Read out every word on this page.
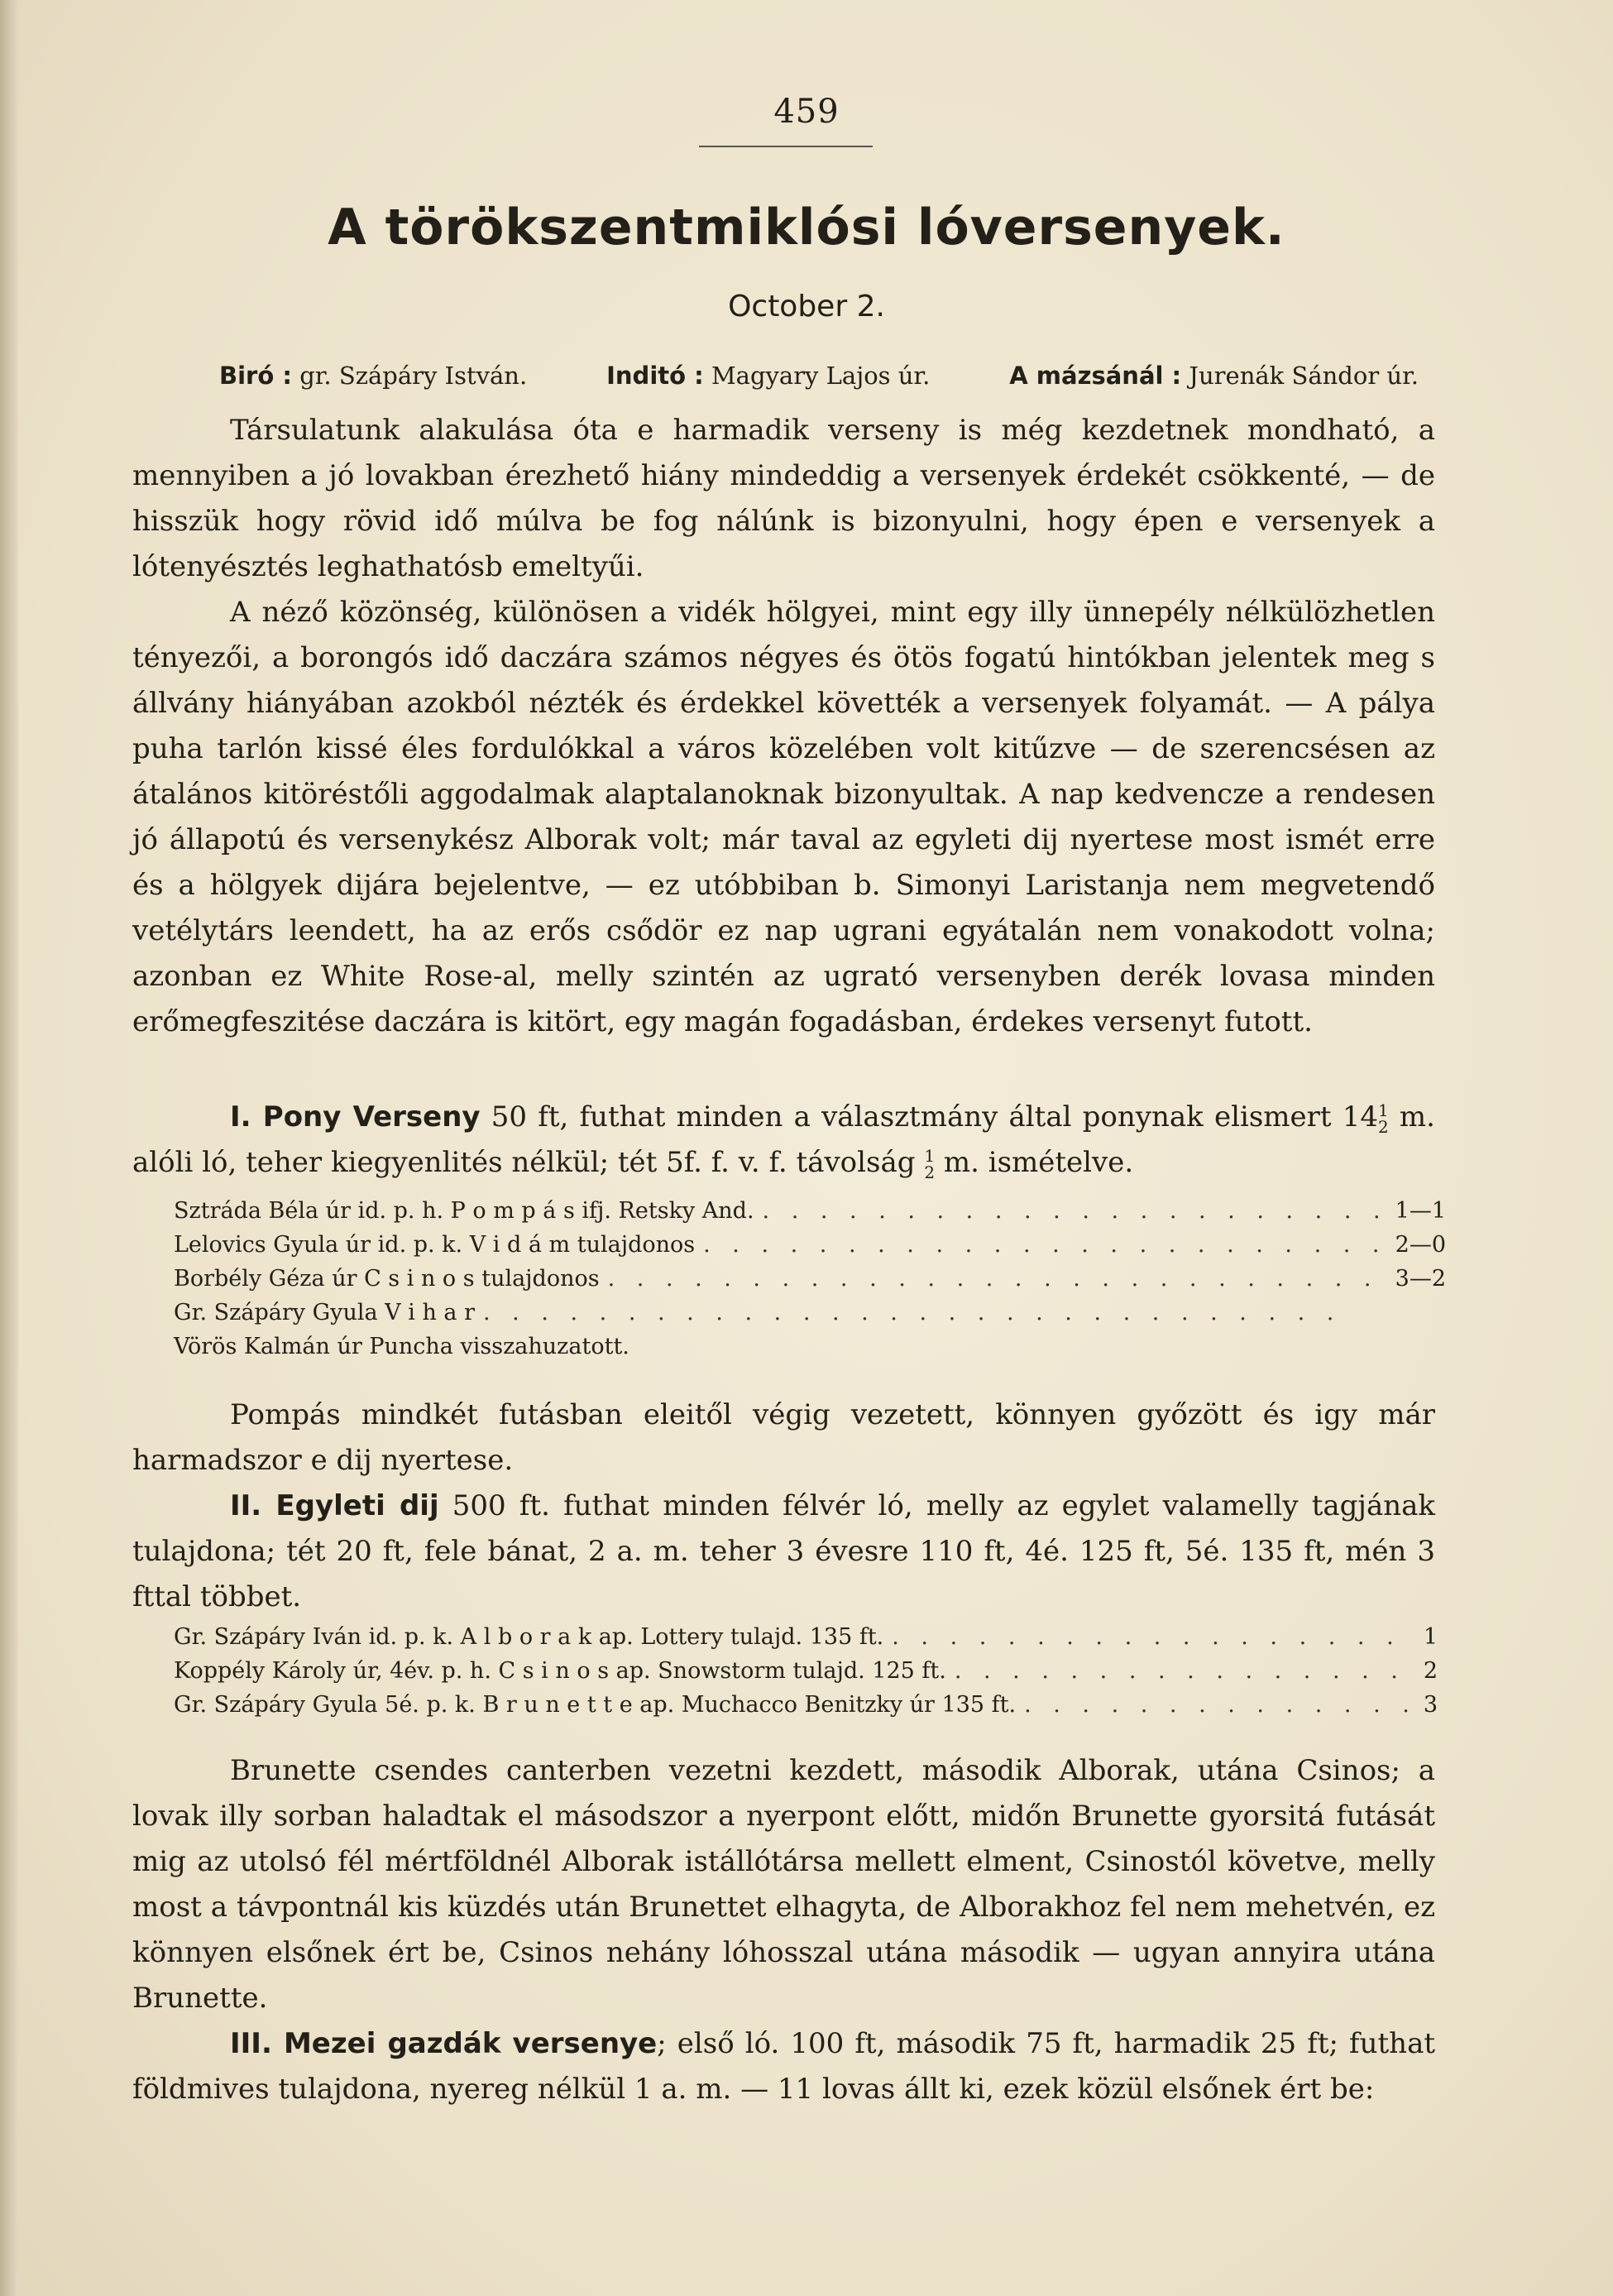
459
A törökszentmiklósi lóversenyek.
October 2.
Biró : gr. Szápáry István.	Inditó : Magyary Lajos úr.	A mázsánál : Jurenák Sándor úr.
Társulatunk alakulása óta e harmadik verseny is még kezdetnek mondható, a mennyiben a jó lovakban érezhető hiány mindeddig a versenyek érdekét csökkenté, — de hisszük hogy rövid idő múlva be fog nálúnk is bizonyulni, hogy épen e versenyek a lótenyésztés leghathatósb emeltyűi.
A néző közönség, különösen a vidék hölgyei, mint egy illy ünnepély nélkülözhetlen tényezői, a borongós idő daczára számos négyes és ötös fogatú hintókban jelentek meg s állvány hiányában azokból nézték és érdekkel követték a versenyek folyamát. — A pálya puha tarlón kissé éles fordulókkal a város közelében volt kitűzve — de szerencsésen az átalános kitöréstőli aggodalmak alaptalanoknak bizonyultak. A nap kedvencze a rendesen jó állapotú és versenykész Alborak volt; már taval az egyleti dij nyertese most ismét erre és a hölgyek dijára bejelentve, — ez utóbbiban b. Simonyi Laristanja nem megvetendő vetélytárs leendett, ha az erős csődör ez nap ugrani egyátalán nem vonakodott volna; azonban ez White Rose-al, melly szintén az ugrató versenyben derék lovasa minden erőmegfeszitése daczára is kitört, egy magán fogadásban, érdekes versenyt futott.
I. Pony Verseny 50 ft, futhat minden a választmány által ponynak elismert 141
2 m. alóli ló, teher kiegyenlités nélkül; tét 5f. f. v. f. távolság 1
2 m. ismételve.
Sztráda Béla úr id. p. h. P o m p á s ifj. Retsky And. . . .	1—1
Lelovics Gyula úr id. p. k. V i d á m tulajdonos . . .	2—0
Borbély Géza úr C s i n o s tulajdonos . . .	3—2
Gr. Szápáry Gyula V i h a r
. . .
Vörös Kalmán úr Puncha visszahuzatott.
Pompás mindkét futásban eleitől végig vezetett, könnyen győzött és igy már harmadszor e dij nyertese.
II. Egyleti dij 500 ft. futhat minden félvér ló, melly az egylet valamelly tagjának tulajdona; tét 20 ft, fele bánat, 2 a. m. teher 3 évesre 110 ft, 4é. 125 ft, 5é. 135 ft, mén 3 fttal többet.
Gr. Szápáry Iván id. p. k. A l b o r a k ap. Lottery tulajd. 135 ft. . . .	1
Koppély Károly úr, 4év. p. h. C s i n o s ap. Snowstorm tulajd. 125 ft. . . .	2
Gr. Szápáry Gyula 5é. p. k. B r u n e t t e ap. Muchacco Benitzky úr 135 ft. . . .	3
Brunette csendes canterben vezetni kezdett, második Alborak, utána Csinos; a lovak illy sorban haladtak el másodszor a nyerpont előtt, midőn Brunette gyorsitá futását mig az utolsó fél mértföldnél Alborak istállótársa mellett elment, Csinostól követve, melly most a távpontnál kis küzdés után Brunettet elhagyta, de Alborakhoz fel nem mehetvén, ez könnyen elsőnek ért be, Csinos nehány lóhosszal utána második — ugyan annyira utána Brunette.
III. Mezei gazdák versenye; első ló. 100 ft, második 75 ft, harmadik 25 ft; futhat földmives tulajdona, nyereg nélkül 1 a. m. — 11 lovas állt ki, ezek közül elsőnek ért be:
